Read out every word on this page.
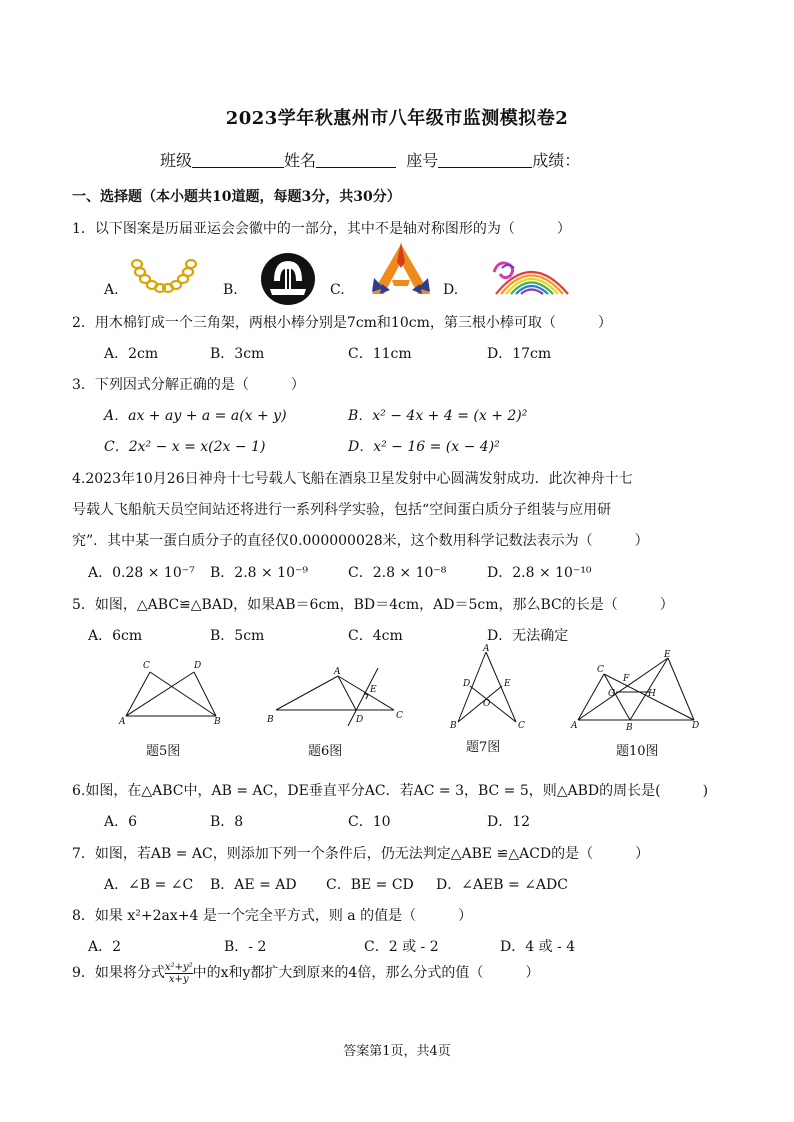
2023学年秋惠州市八年级市监测模拟卷2
班级	姓名	座号	成绩：
一、选择题（本小题共10道题，每题3分，共30分）
1．以下图案是历届亚运会会徽中的一部分，其中不是轴对称图形的为（　　　）
A.	B.	C.	D.
2．用木棉钉成一个三角架，两根小棒分别是7cm和10cm，第三根小棒可取（　　　）
A．2cm	B．3cm	C．11cm	D．17cm
3．下列因式分解正确的是（　　　）
A．ax + ay + a = a(x + y)	B．x² − 4x + 4 = (x + 2)²
C．2x² − x = x(2x − 1)	D．x² − 16 = (x − 4)²
4.2023年10月26日神舟十七号载人飞船在酒泉卫星发射中心圆满发射成功．此次神舟十七
号载人飞船航天员空间站还将进行一系列科学实验，包括“空间蛋白质分子组装与应用研
究”．其中某一蛋白质分子的直径仅0.000000028米，这个数用科学记数法表示为（　　　）
A．0.28 × 10⁻⁷ B．2.8 × 10⁻⁹	C．2.8 × 10⁻⁸	D．2.8 × 10⁻¹⁰
5．如图，△ABC≌△BAD，如果AB＝6cm，BD＝4cm，AD＝5cm，那么BC的长是（　　　）
A．6cm	B．5cm	C．4cm	D．无法确定
C	D
A	B
题5图
A
E
B	D	C
题6图
A
D	E
O
B	C
题7图
E
C
F
G	H
A	B	D
题10图
6.如图，在△ABC中，AB = AC，DE垂直平分AC．若AC = 3，BC = 5，则△ABD的周长是(　　　)
A．6	B．8	C．10	D．12
7．如图，若AB = AC，则添加下列一个条件后，仍无法判定△ABE ≌△ACD的是（　　　）
A．∠B = ∠C B．AE = AD C．BE = CD D．∠AEB = ∠ADC
8．如果 x²+2ax+4 是一个完全平方式，则 a 的值是（　　　）
A．2	B．- 2	C．2 或 - 2	D．4 或 - 4
9．如果将分式 $\frac{\text{x²+y²}}{x+y}$ 中的x和y都扩大到原来的4倍，那么分式的值（　　　）
答案第1页，共4页
